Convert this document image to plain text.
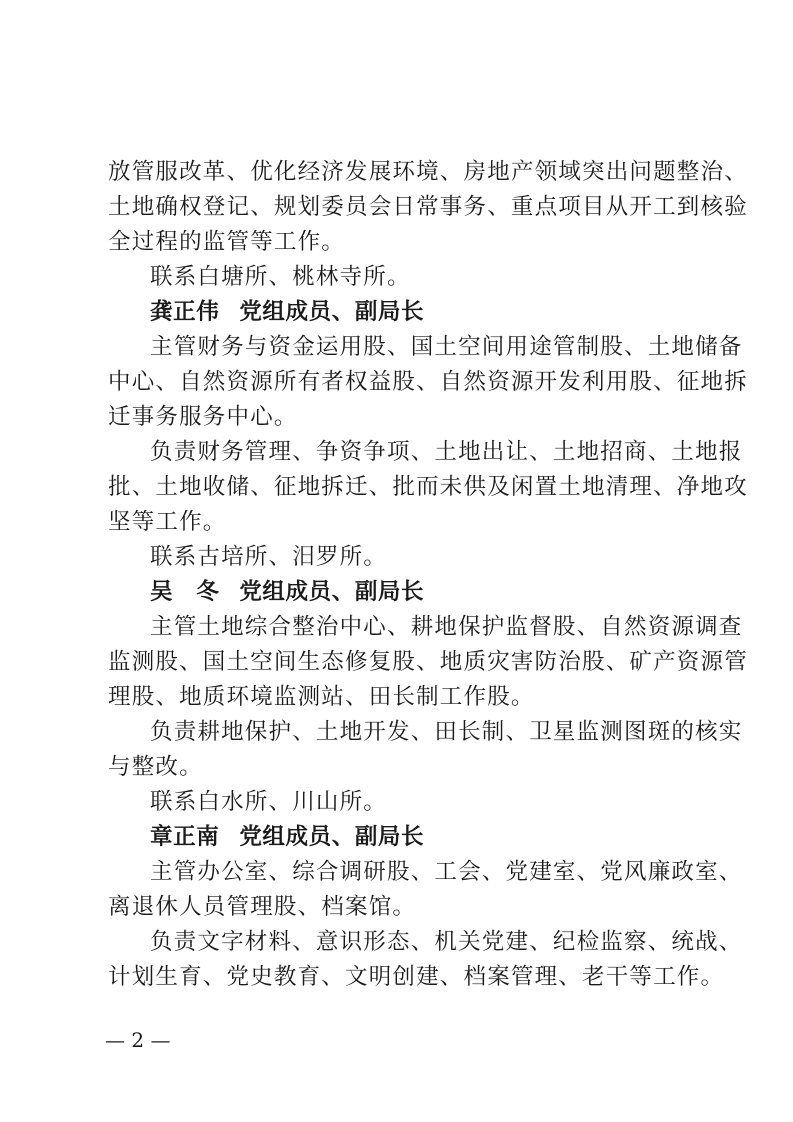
放管服改革、优化经济发展环境、房地产领域突出问题整治、
土地确权登记、规划委员会日常事务、重点项目从开工到核验
全过程的监管等工作。
联系白塘所、桃林寺所。
龚正伟 党组成员、副局长
主管财务与资金运用股、国土空间用途管制股、土地储备
中心、自然资源所有者权益股、自然资源开发利用股、征地拆
迁事务服务中心。
负责财务管理、争资争项、土地出让、土地招商、土地报
批、土地收储、征地拆迁、批而未供及闲置土地清理、净地攻
坚等工作。
联系古培所、汨罗所。
吴　冬 党组成员、副局长
主管土地综合整治中心、耕地保护监督股、自然资源调查
监测股、国土空间生态修复股、地质灾害防治股、矿产资源管
理股、地质环境监测站、田长制工作股。
负责耕地保护、土地开发、田长制、卫星监测图斑的核实
与整改。
联系白水所、川山所。
章正南 党组成员、副局长
主管办公室、综合调研股、工会、党建室、党风廉政室、
离退休人员管理股、档案馆。
负责文字材料、意识形态、机关党建、纪检监察、统战、
计划生育、党史教育、文明创建、档案管理、老干等工作。
— 2 —
